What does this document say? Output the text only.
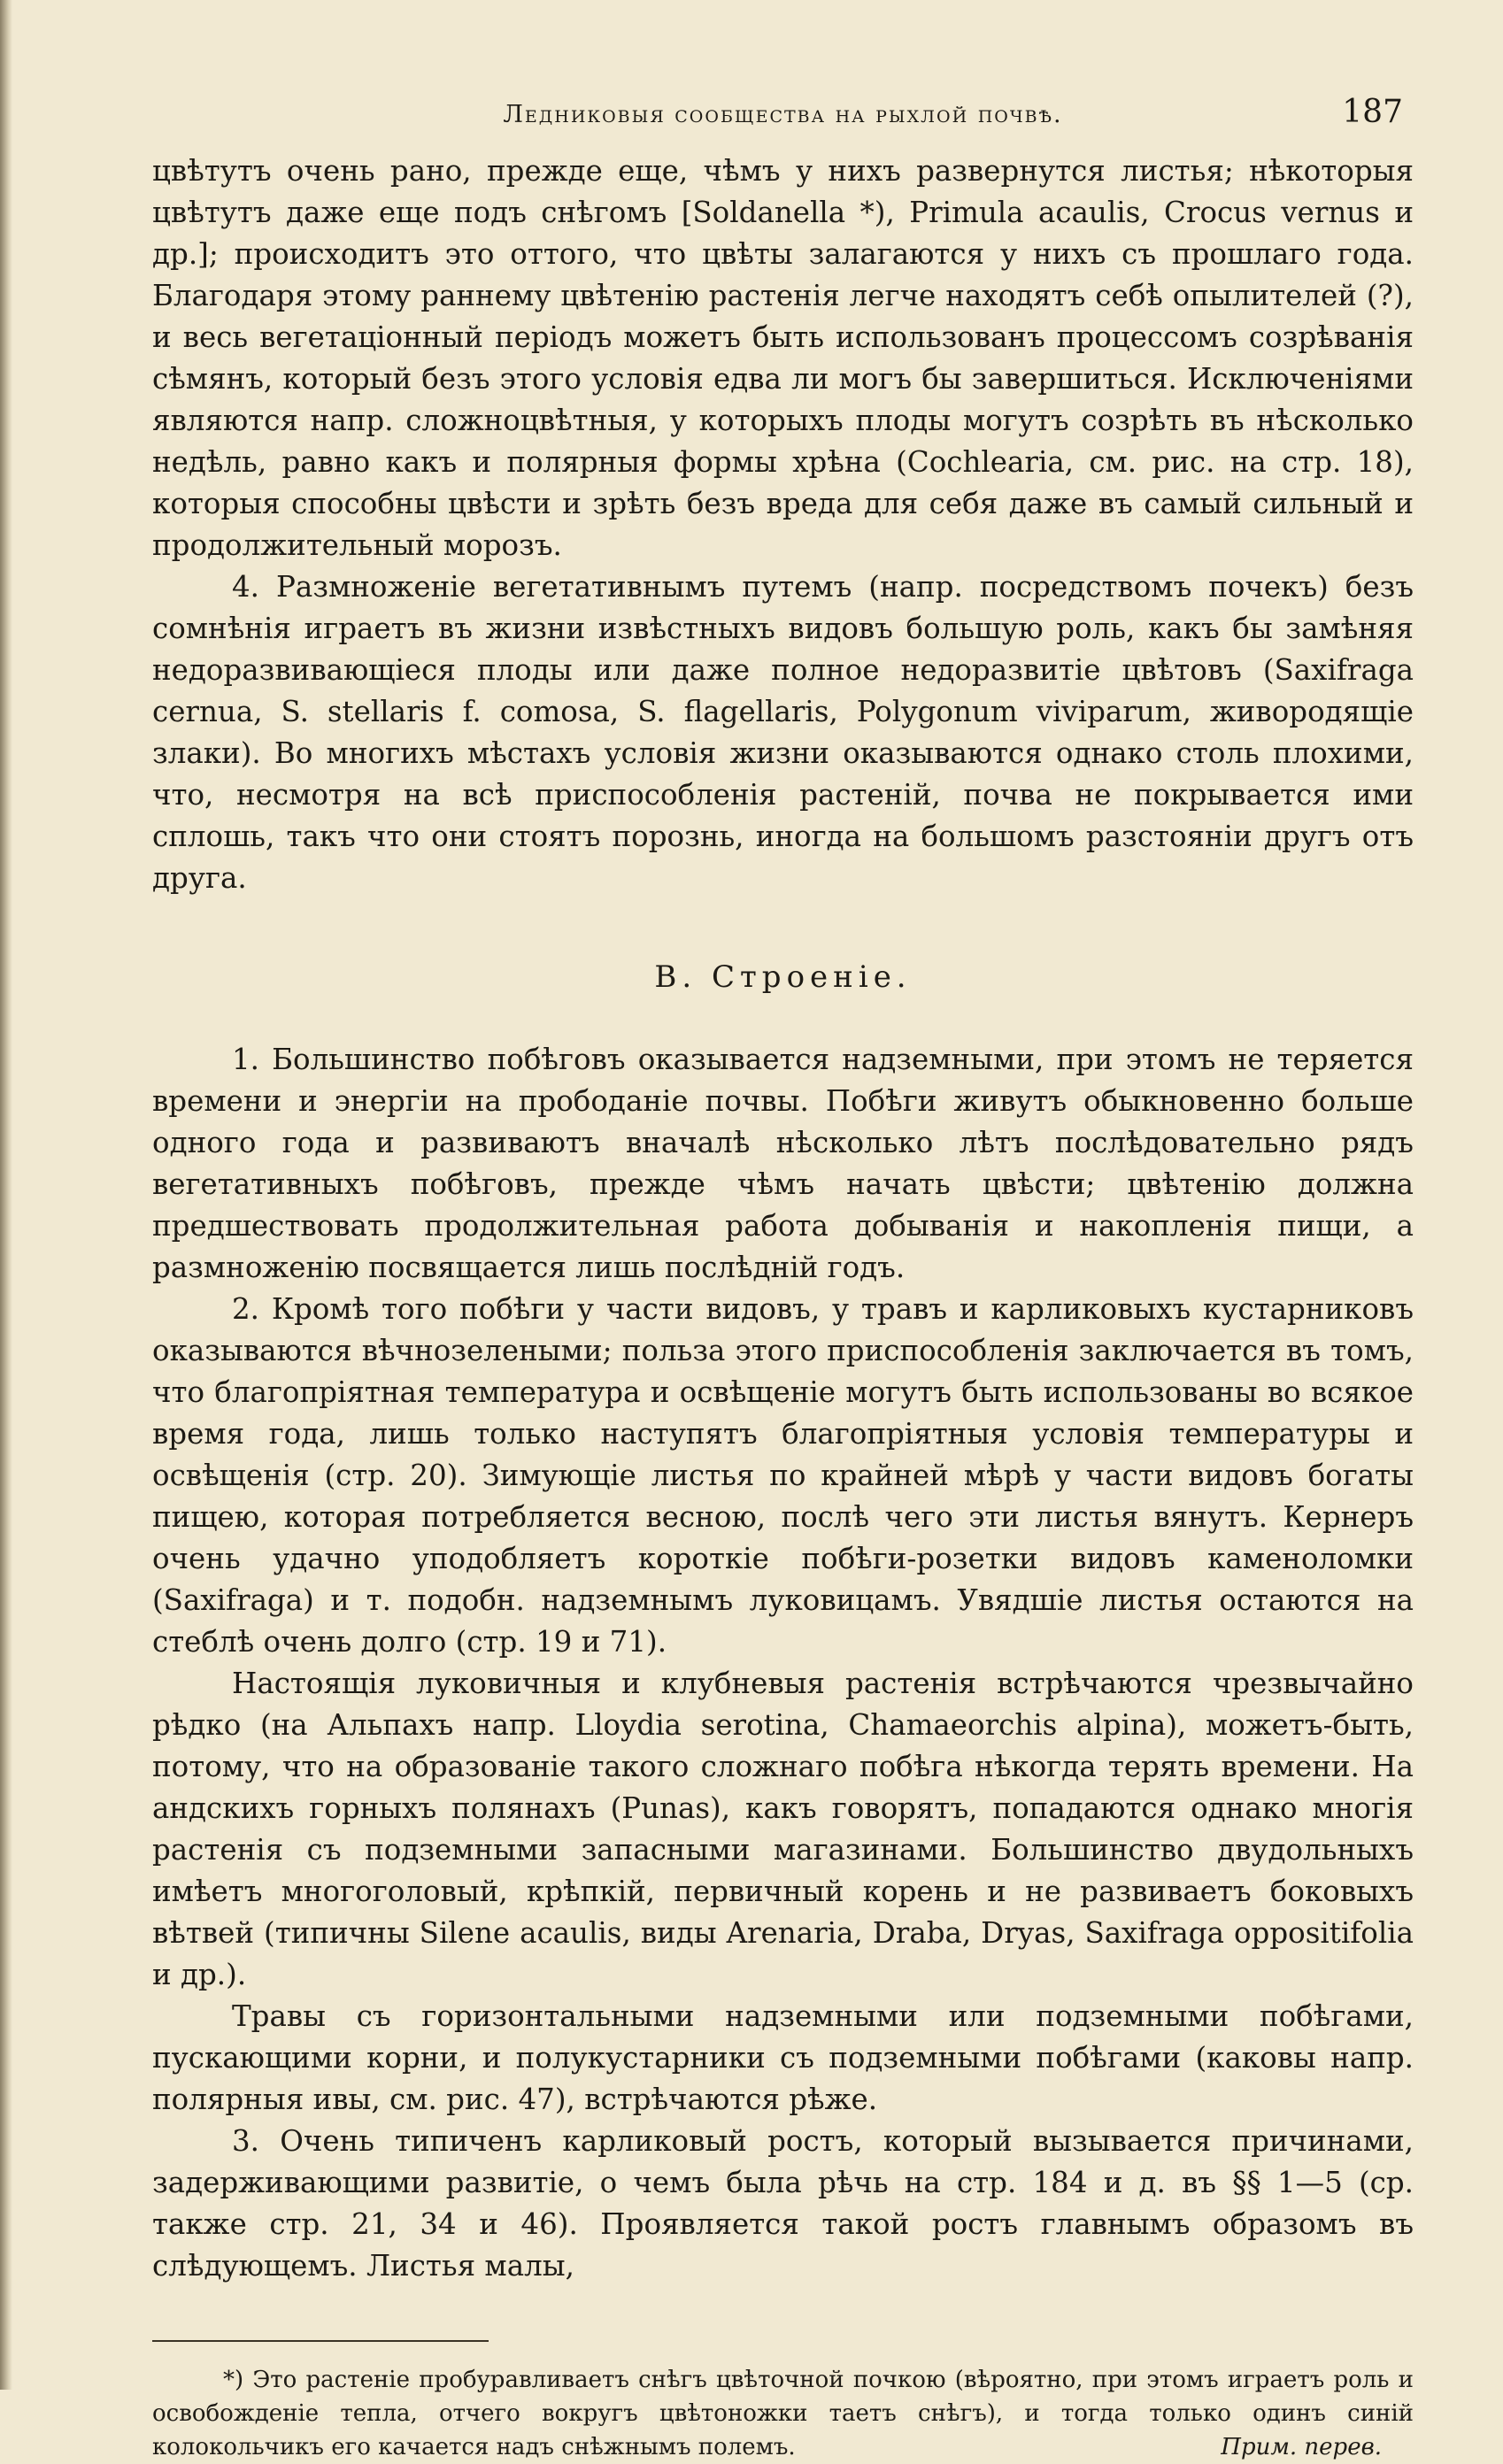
Ледниковыя сообщества на рыхлой почвѣ.	187

цвѣтутъ очень рано, прежде еще, чѣмъ у нихъ развернутся листья; нѣкоторыя цвѣтутъ даже еще подъ снѣгомъ [Soldanella *), Primula acaulis, Crocus vernus и др.]; происходитъ это оттого, что цвѣты залагаются у нихъ съ прошлаго года. Благодаря этому раннему цвѣтенію растенія легче находятъ себѣ опылителей (?), и весь вегетаціонный періодъ можетъ быть использованъ процессомъ созрѣванія сѣмянъ, который безъ этого условія едва ли могъ бы завершиться. Исключеніями являются напр. сложноцвѣтныя, у которыхъ плоды могутъ созрѣть въ нѣсколько недѣль, равно какъ и полярныя формы хрѣна (Cochlearia, см. рис. на стр. 18), которыя способны цвѣсти и зрѣть безъ вреда для себя даже въ самый сильный и продолжительный морозъ.

4. Размноженіе вегетативнымъ путемъ (напр. посредствомъ почекъ) безъ сомнѣнія играетъ въ жизни извѣстныхъ видовъ большую роль, какъ бы замѣняя недоразвивающіеся плоды или даже полное недоразвитіе цвѣтовъ (Saxifraga cernua, S. stellaris f. comosa, S. flagellaris, Polygonum viviparum, живородящіе злаки). Во многихъ мѣстахъ условія жизни оказываются однако столь плохими, что, несмотря на всѣ приспособленія растеній, почва не покрывается ими сплошь, такъ что они стоятъ порознь, иногда на большомъ разстояніи другъ отъ друга.

B. Строеніе.

1. Большинство побѣговъ оказывается надземными, при этомъ не теряется времени и энергіи на прободаніе почвы. Побѣги живутъ обыкновенно больше одного года и развиваютъ вначалѣ нѣсколько лѣтъ послѣдовательно рядъ вегетативныхъ побѣговъ, прежде чѣмъ начать цвѣсти; цвѣтенію должна предшествовать продолжительная работа добыванія и накопленія пищи, а размноженію посвящается лишь послѣдній годъ.

2. Кромѣ того побѣги у части видовъ, у травъ и карликовыхъ кустарниковъ оказываются вѣчнозелеными; польза этого приспособленія заключается въ томъ, что благопріятная температура и освѣщеніе могутъ быть использованы во всякое время года, лишь только наступятъ благопріятныя условія температуры и освѣщенія (стр. 20). Зимующіе листья по крайней мѣрѣ у части видовъ богаты пищею, которая потребляется весною, послѣ чего эти листья вянутъ. Кернеръ очень удачно уподобляетъ короткіе побѣги-розетки видовъ каменоломки (Saxifraga) и т. подобн. надземнымъ луковицамъ. Увядшіе листья остаются на стеблѣ очень долго (стр. 19 и 71).

Настоящія луковичныя и клубневыя растенія встрѣчаются чрезвычайно рѣдко (на Альпахъ напр. Lloydia serotina, Chamaeorchis alpina), можетъ-быть, потому, что на образованіе такого сложнаго побѣга нѣкогда терять времени. На андскихъ горныхъ полянахъ (Punas), какъ говорятъ, попадаются однако многія растенія съ подземными запасными магазинами. Большинство двудольныхъ имѣетъ многоголовый, крѣпкій, первичный корень и не развиваетъ боковыхъ вѣтвей (типичны Silene acaulis, виды Arenaria, Draba, Dryas, Saxifraga oppositifolia и др.).

Травы съ горизонтальными надземными или подземными побѣгами, пускающими корни, и полукустарники съ подземными побѣгами (каковы напр. полярныя ивы, см. рис. 47), встрѣчаются рѣже.

3. Очень типиченъ карликовый ростъ, который вызывается причинами, задерживающими развитіе, о чемъ была рѣчь на стр. 184 и д. въ §§ 1—5 (ср. также стр. 21, 34 и 46). Проявляется такой ростъ главнымъ образомъ въ слѣдующемъ. Листья малы,

*) Это растеніе пробуравливаетъ снѣгъ цвѣточной почкою (вѣроятно, при этомъ играетъ роль и освобожденіе тепла, отчего вокругъ цвѣтоножки таетъ снѣгъ), и тогда только одинъ синій колокольчикъ его качается надъ снѣжнымъ полемъ.	Прим. перев.
